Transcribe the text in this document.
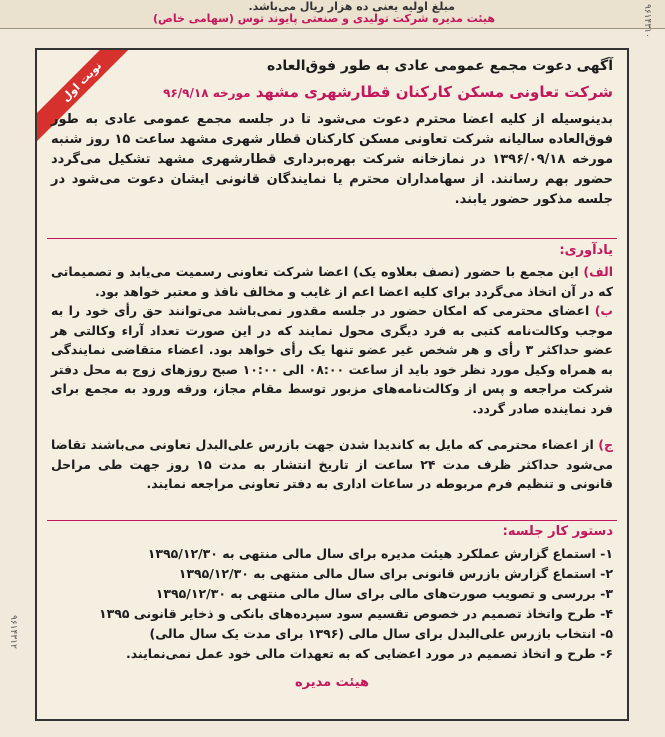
مبلغ اولیه یعنی ده هزار ریال می‌باشد.
هیئت مدیره شرکت تولیدی و صنعتی پایوند توس (سهامی خاص)	۹۶۱۴۳۱۰
۹۶۱۴۳۱۲
نوبت اول	آگهی دعوت مجمع عمومی عادی به طور فوق‌العاده
شرکت تعاونی مسکن کارکنان قطارشهری مشهد مورخه ۹۶/۹/۱۸
بدینوسیله از کلیه اعضا محترم دعوت می‌شود تا در جلسه مجمع عمومی عادی به طور فوق‌العاده سالیانه شرکت تعاونی مسکن کارکنان قطار شهری مشهد ساعت ۱۵ روز شنبه مورخه ۱۳۹۶/۰۹/۱۸ در نمازخانه شرکت بهره‌برداری قطارشهری مشهد تشکیل می‌گردد حضور بهم رسانند. از سهامداران محترم یا نمایندگان قانونی ایشان دعوت می‌شود در جلسه مذکور حضور یابند.
یادآوری:
الف) این مجمع با حضور (نصف بعلاوه یک) اعضا شرکت تعاونی رسمیت می‌یابد و تصمیماتی که در آن اتخاذ می‌گردد برای کلیه اعضا اعم از غایب و مخالف نافذ و معتبر خواهد بود.
ب) اعضای محترمی که امکان حضور در جلسه مقدور نمی‌باشد می‌توانند حق رأی خود را به موجب وکالت‌نامه کتبی به فرد دیگری محول نمایند که در این صورت تعداد آراء وکالتی هر عضو حداکثر ۳ رأی و هر شخص غیر عضو تنها یک رأی خواهد بود. اعضاء متقاضی نمایندگی به همراه وکیل مورد نظر خود باید از ساعت ۰۸:۰۰ الی ۱۰:۰۰ صبح روزهای زوج به محل دفتر شرکت مراجعه و پس از وکالت‌نامه‌های مزبور توسط مقام مجاز، ورقه ورود به مجمع برای فرد نماینده صادر گردد.
ج) از اعضاء محترمی که مایل به کاندیدا شدن جهت بازرس علی‌البدل تعاونی می‌باشند تقاضا می‌شود حداکثر ظرف مدت ۲۴ ساعت از تاریخ انتشار به مدت ۱۵ روز جهت طی مراحل قانونی و تنظیم فرم مربوطه در ساعات اداری به دفتر تعاونی مراجعه نمایند.
دستور کار جلسه:
۱- استماع گزارش عملکرد هیئت مدیره برای سال مالی منتهی به ۱۳۹۵/۱۲/۳۰
۲- استماع گزارش بازرس قانونی برای سال مالی منتهی به ۱۳۹۵/۱۲/۳۰
۳- بررسی و تصویب صورت‌های مالی برای سال مالی منتهی به ۱۳۹۵/۱۲/۳۰
۴- طرح واتخاذ تصمیم در خصوص تقسیم سود سپرده‌های بانکی و ذخایر قانونی ۱۳۹۵
۵- انتخاب بازرس علی‌البدل برای سال مالی (۱۳۹۶ برای مدت یک سال مالی)
۶- طرح و اتخاذ تصمیم در مورد اعضایی که به تعهدات مالی خود عمل نمی‌نمایند.
هیئت مدیره
